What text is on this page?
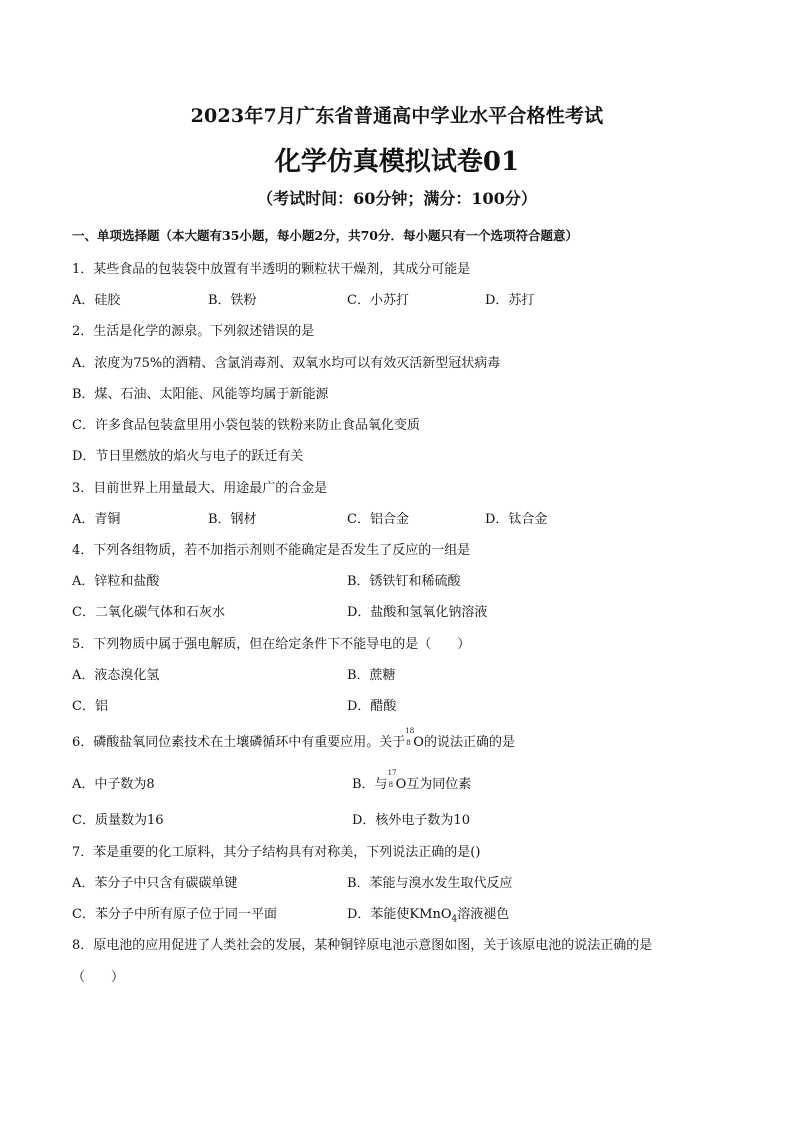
2023年7月广东省普通高中学业水平合格性考试
化学仿真模拟试卷01
（考试时间：60分钟；满分：100分）
一、单项选择题（本大题有35小题，每小题2分，共70分．每小题只有一个选项符合题意）
1．某些食品的包装袋中放置有半透明的颗粒状干燥剂，其成分可能是
A．硅胶	B．铁粉	C．小苏打	D．苏打
2．生活是化学的源泉。下列叙述错误的是
A．浓度为75%的酒精、含氯消毒剂、双氧水均可以有效灭活新型冠状病毒
B．煤、石油、太阳能、风能等均属于新能源
C．许多食品包装盒里用小袋包装的铁粉来防止食品氧化变质
D．节日里燃放的焰火与电子的跃迁有关
3．目前世界上用量最大、用途最广的合金是
A．青铜	B．钢材	C．铝合金	D．钛合金
4．下列各组物质，若不加指示剂则不能确定是否发生了反应的一组是
A．锌粒和盐酸	B．锈铁钉和稀硫酸
C．二氧化碳气体和石灰水	D．盐酸和氢氧化钠溶液
5．下列物质中属于强电解质，但在给定条件下不能导电的是（　　）
A．液态溴化氢	B．蔗糖
C．铝	D．醋酸
6．磷酸盐氧同位素技术在土壤磷循环中有重要应用。关于
18
8 O的说法正确的是
A．中子数为8	B．与
17
8 O互为同位素
C．质量数为16	D．核外电子数为10
7．苯是重要的化工原料，其分子结构具有对称美，下列说法正确的是()
A．苯分子中只含有碳碳单键	B．苯能与溴水发生取代反应
C．苯分子中所有原子位于同一平面	D．苯能使KMnO$_4$溶液褪色
8．原电池的应用促进了人类社会的发展，某种铜锌原电池示意图如图，关于该原电池的说法正确的是
（　　）
